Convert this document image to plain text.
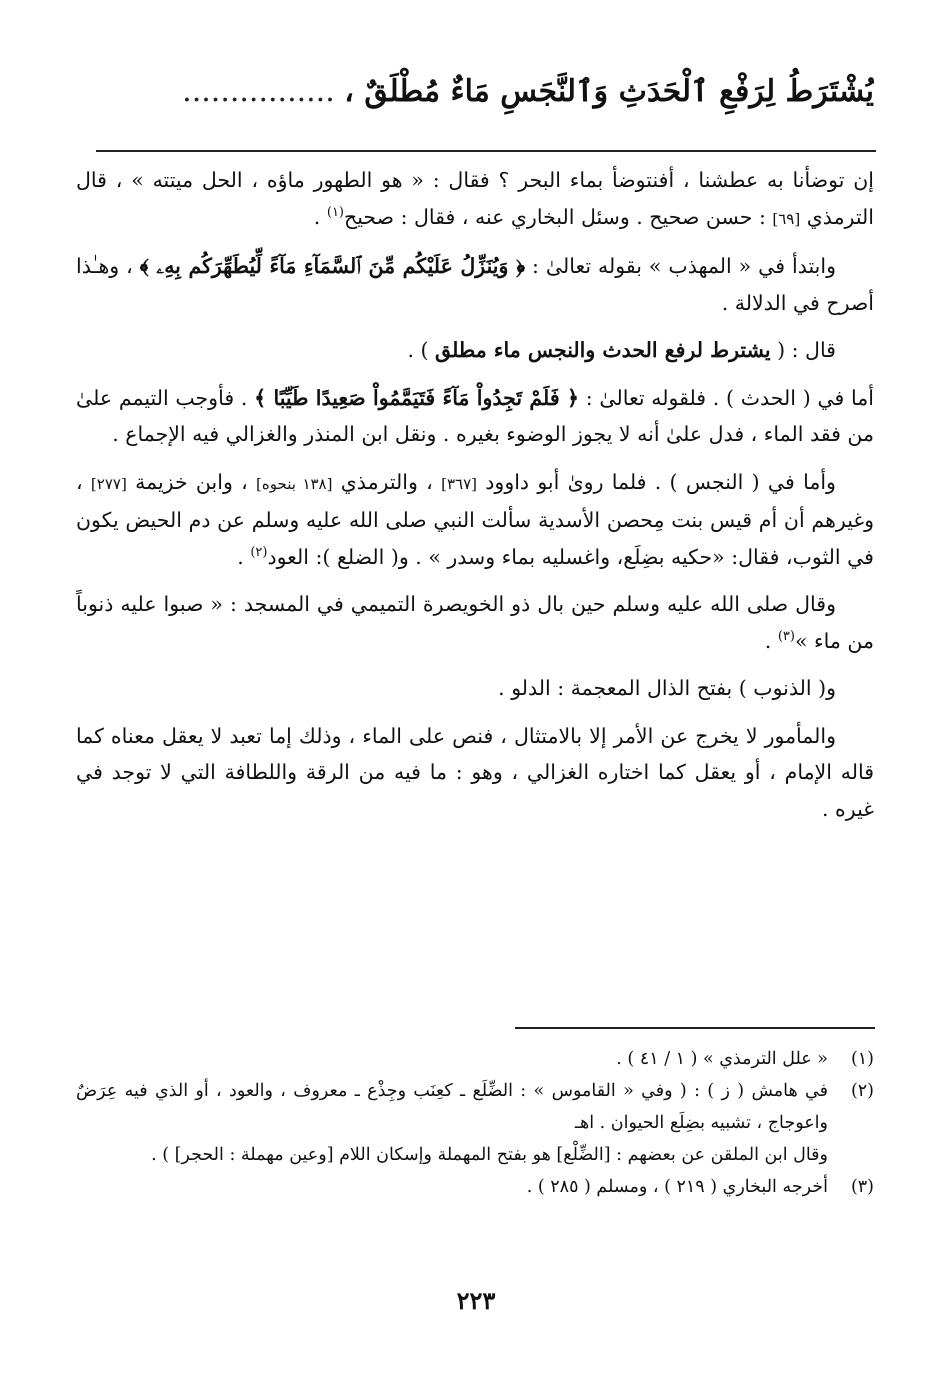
يُشْتَرَطُ لِرَفْعِ ٱلْحَدَثِ وَٱلنَّجَسِ مَاءٌ مُطْلَقٌ ، ................

إن توضأنا به عطشنا ، أفنتوضأ بماء البحر ؟ فقال : « هو الطهور ماؤه ، الحل ميتته » ، قال الترمذي [٦٩] : حسن صحيح . وسئل البخاري عنه ، فقال : صحيح$^{(١)}$ .

وابتدأ في « المهذب » بقوله تعالىٰ : ﴿ وَيُنَزِّلُ عَلَيْكُم مِّنَ ٱلسَّمَآءِ مَآءً لِّيُطَهِّرَكُم بِهِۦ ﴾ ، وهـٰذا أصرح في الدلالة .

قال : ( يشترط لرفع الحدث والنجس ماء مطلق ) .

أما في ( الحدث ) . فلقوله تعالىٰ : ﴿ فَلَمْ تَجِدُواْ مَآءً فَتَيَمَّمُواْ صَعِيدًا طَيِّبًا ﴾ . فأوجب التيمم علىٰ من فقد الماء ، فدل علىٰ أنه لا يجوز الوضوء بغيره . ونقل ابن المنذر والغزالي فيه الإجماع .

وأما في ( النجس ) . فلما روىٰ أبو داوود [٣٦٧] ، والترمذي [١٣٨ بنحوه] ، وابن خزيمة [٢٧٧] ، وغيرهم أن أم قيس بنت مِحصن الأسدية سألت النبي صلى الله عليه وسلم عن دم الحيض يكون في الثوب، فقال: «حكيه بضِلَع، واغسليه بماء وسدر » . و( الضلع ): العود$^{(٢)}$ .

وقال صلى الله عليه وسلم حين بال ذو الخويصرة التميمي في المسجد : « صبوا عليه ذنوباً من ماء »$^{(٣)}$ .

و( الذنوب ) بفتح الذال المعجمة : الدلو .

والمأمور لا يخرج عن الأمر إلا بالامتثال ، فنص على الماء ، وذلك إما تعبد لا يعقل معناه كما قاله الإمام ، أو يعقل كما اختاره الغزالي ، وهو : ما فيه من الرقة واللطافة التي لا توجد في غيره .

(١)
« علل الترمذي » ( ١ / ٤١ ) .
(٢)
في هامش ( ز ) : ( وفي « القاموس » : الضِّلَع ـ كعِنَب وجِذْع ـ معروف ، والعود ، أو الذي فيه عِرَضٌ واعوجاج ، تشبيه بضِلَع الحيوان . اهـ
وقال ابن الملقن عن بعضهم : [الضِّلْع] هو بفتح المهملة وإسكان اللام [وعين مهملة : الحجر] ) .
(٣)
أخرجه البخاري ( ٢١٩ ) ، ومسلم ( ٢٨٥ ) .
٢٢٣
